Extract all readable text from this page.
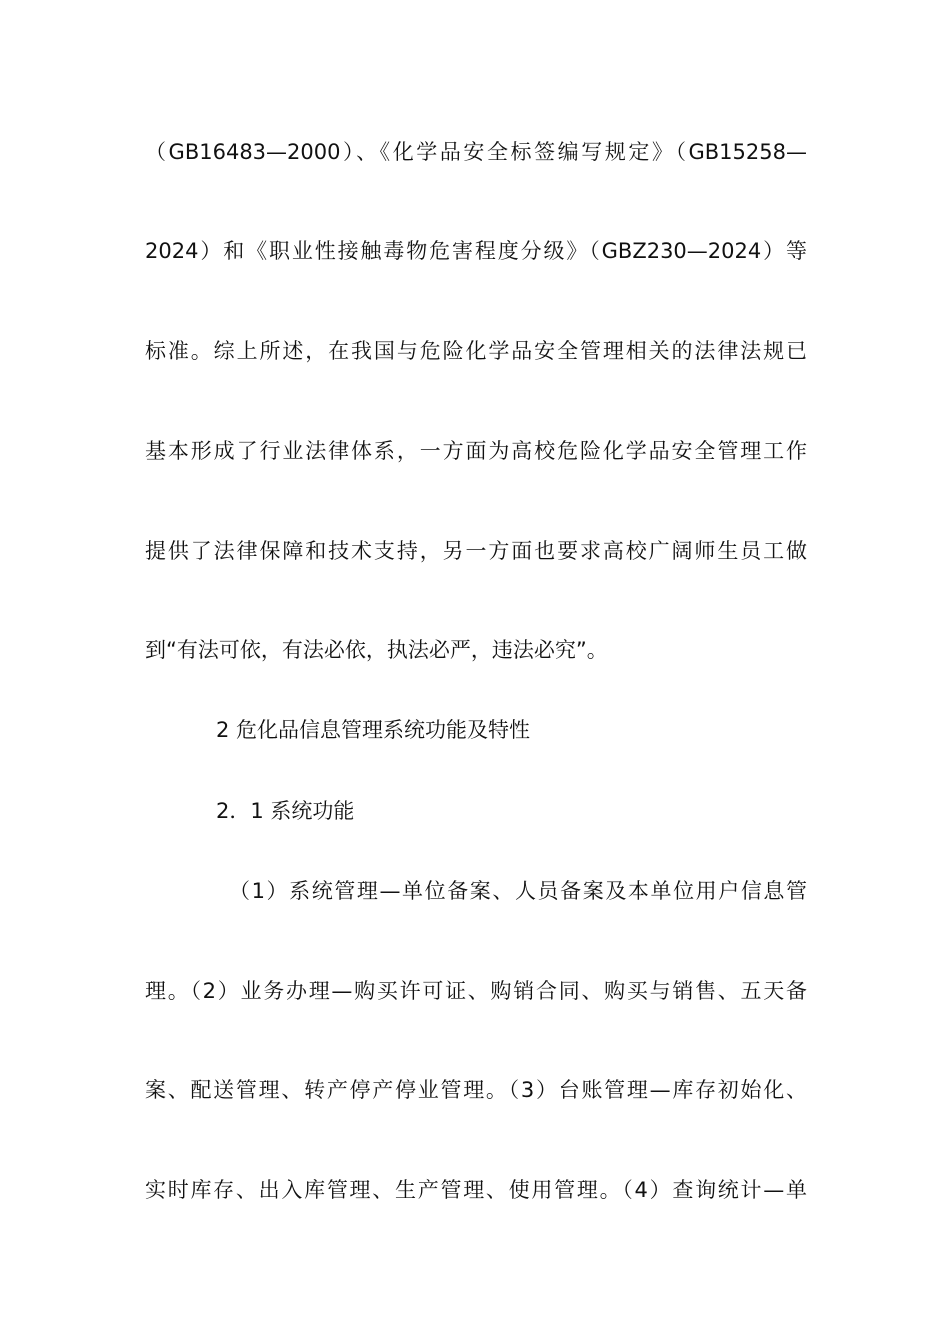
（GB16483—2000）、《化学品安全标签编写规定》（GB15258—
2024）和《职业性接触毒物危害程度分级》（GBZ230—2024）等
标准。综上所述，在我国与危险化学品安全管理相关的法律法规已
基本形成了行业法律体系，一方面为高校危险化学品安全管理工作
提供了法律保障和技术支持，另一方面也要求高校广阔师生员工做
到“有法可依，有法必依，执法必严，违法必究”。
2 危化品信息管理系统功能及特性
2．1 系统功能
（1）系统管理—单位备案、人员备案及本单位用户信息管
理。（2）业务办理—购买许可证、购销合同、购买与销售、五天备
案、配送管理、转产停产停业管理。（3）台账管理—库存初始化、
实时库存、出入库管理、生产管理、使用管理。（4）查询统计—单
